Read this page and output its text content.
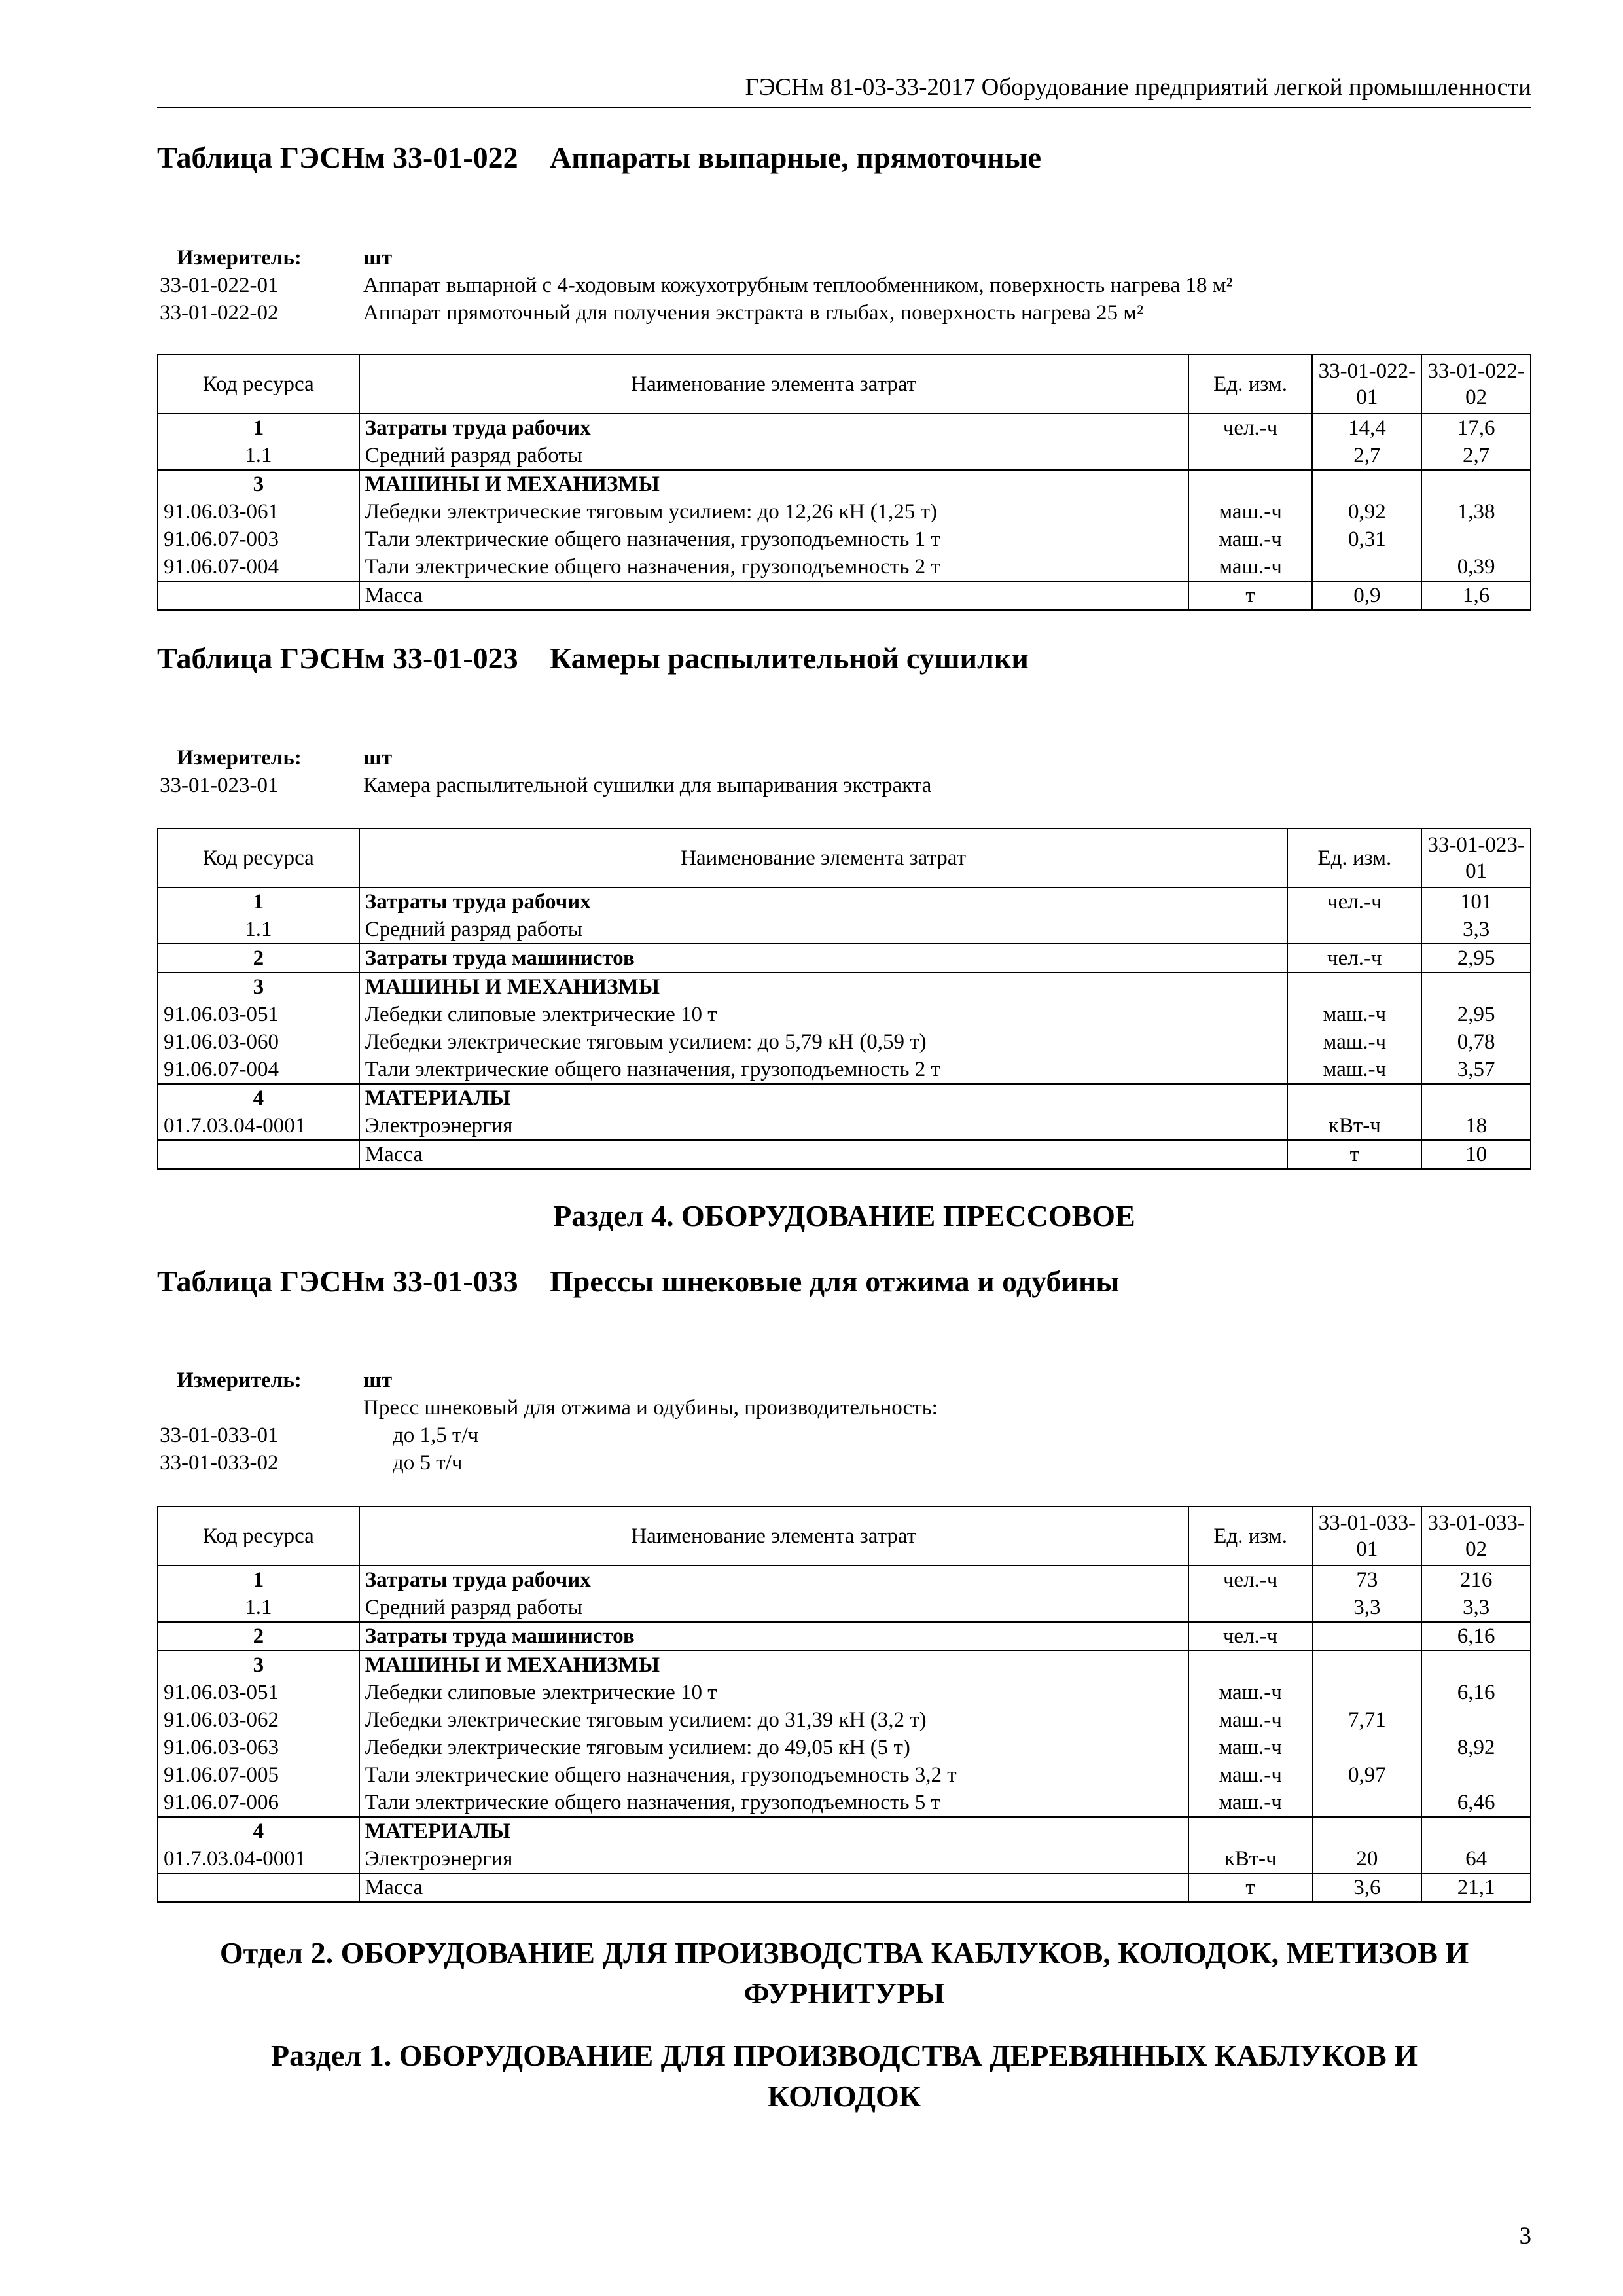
ГЭСНм 81-03-33-2017 Оборудование предприятий легкой промышленности
Таблица ГЭСНм 33-01-022	Аппараты выпарные, прямоточные
Измеритель:	шт
33-01-022-01	Аппарат выпарной с 4-ходовым кожухотрубным теплообменником, поверхность нагрева 18 м²
33-01-022-02	Аппарат прямоточный для получения экстракта в глыбах, поверхность нагрева 25 м²
Код ресурса	Наименование элемента затрат	Ед. изм.	33-01-022-01	33-01-022-02
1	Затраты труда рабочих	чел.-ч	14,4	17,6
1.1	Средний разряд работы		2,7	2,7
3	МАШИНЫ И МЕХАНИЗМЫ			
91.06.03-061	Лебедки электрические тяговым усилием: до 12,26 кН (1,25 т)	маш.-ч	0,92	1,38
91.06.07-003	Тали электрические общего назначения, грузоподъемность 1 т	маш.-ч	0,31	
91.06.07-004	Тали электрические общего назначения, грузоподъемность 2 т	маш.-ч		0,39
	Масса	т	0,9	1,6
Таблица ГЭСНм 33-01-023	Камеры распылительной сушилки
Измеритель:	шт
33-01-023-01	Камера распылительной сушилки для выпаривания экстракта
Код ресурса	Наименование элемента затрат	Ед. изм.	33-01-023-01
1	Затраты труда рабочих	чел.-ч	101
1.1	Средний разряд работы		3,3
2	Затраты труда машинистов	чел.-ч	2,95
3	МАШИНЫ И МЕХАНИЗМЫ		
91.06.03-051	Лебедки слиповые электрические 10 т	маш.-ч	2,95
91.06.03-060	Лебедки электрические тяговым усилием: до 5,79 кН (0,59 т)	маш.-ч	0,78
91.06.07-004	Тали электрические общего назначения, грузоподъемность 2 т	маш.-ч	3,57
4	МАТЕРИАЛЫ		
01.7.03.04-0001	Электроэнергия	кВт-ч	18
	Масса	т	10
Раздел 4. ОБОРУДОВАНИЕ ПРЕССОВОЕ
Таблица ГЭСНм 33-01-033	Прессы шнековые для отжима и одубины
Измеритель:	шт
Пресс шнековый для отжима и одубины, производительность:
33-01-033-01	до 1,5 т/ч
33-01-033-02	до 5 т/ч
Код ресурса	Наименование элемента затрат	Ед. изм.	33-01-033-01	33-01-033-02
1	Затраты труда рабочих	чел.-ч	73	216
1.1	Средний разряд работы		3,3	3,3
2	Затраты труда машинистов	чел.-ч		6,16
3	МАШИНЫ И МЕХАНИЗМЫ			
91.06.03-051	Лебедки слиповые электрические 10 т	маш.-ч		6,16
91.06.03-062	Лебедки электрические тяговым усилием: до 31,39 кН (3,2 т)	маш.-ч	7,71	
91.06.03-063	Лебедки электрические тяговым усилием: до 49,05 кН (5 т)	маш.-ч		8,92
91.06.07-005	Тали электрические общего назначения, грузоподъемность 3,2 т	маш.-ч	0,97	
91.06.07-006	Тали электрические общего назначения, грузоподъемность 5 т	маш.-ч		6,46
4	МАТЕРИАЛЫ			
01.7.03.04-0001	Электроэнергия	кВт-ч	20	64
	Масса	т	3,6	21,1
Отдел 2. ОБОРУДОВАНИЕ ДЛЯ ПРОИЗВОДСТВА КАБЛУКОВ, КОЛОДОК, МЕТИЗОВ И ФУРНИТУРЫ
Раздел 1. ОБОРУДОВАНИЕ ДЛЯ ПРОИЗВОДСТВА ДЕРЕВЯННЫХ КАБЛУКОВ И КОЛОДОК
3
